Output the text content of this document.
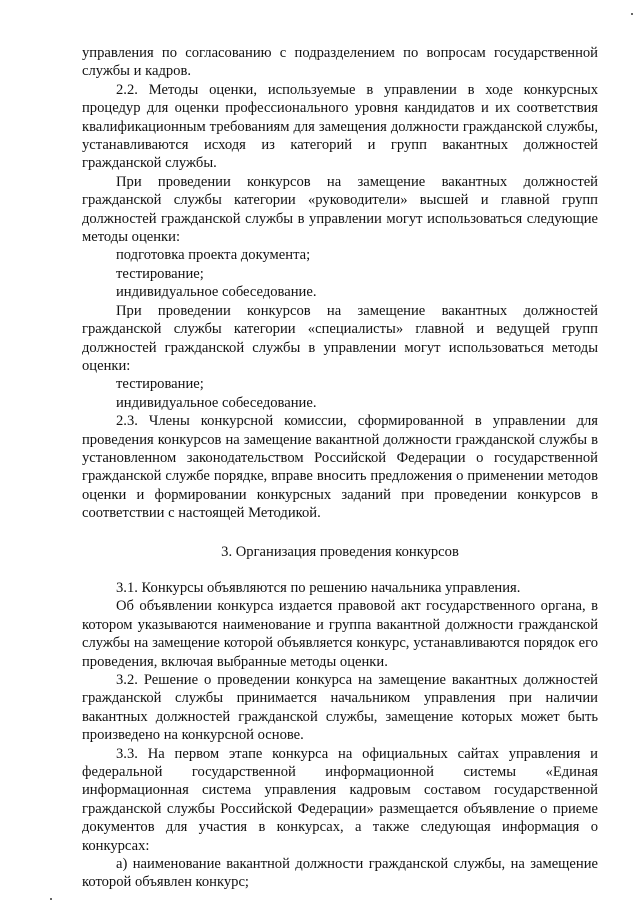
управления по согласованию с подразделением по вопросам государственной службы и кадров.

2.2. Методы оценки, используемые в управлении в ходе конкурсных процедур для оценки профессионального уровня кандидатов и их соответствия квалификационным требованиям для замещения должности гражданской службы, устанавливаются исходя из категорий и групп вакантных должностей гражданской службы.

При проведении конкурсов на замещение вакантных должностей гражданской службы категории «руководители» высшей и главной групп должностей гражданской службы в управлении могут использоваться следующие методы оценки:

подготовка проекта документа;

тестирование;

индивидуальное собеседование.

При проведении конкурсов на замещение вакантных должностей гражданской службы категории «специалисты» главной и ведущей групп должностей гражданской службы в управлении могут использоваться методы оценки:

тестирование;

индивидуальное собеседование.

2.3. Члены конкурсной комиссии, сформированной в управлении для проведения конкурсов на замещение вакантной должности гражданской службы в установленном законодательством Российской Федерации о государственной гражданской службе порядке, вправе вносить предложения о применении методов оценки и формировании конкурсных заданий при проведении конкурсов в соответствии с настоящей Методикой.

3. Организация проведения конкурсов

3.1. Конкурсы объявляются по решению начальника управления.

Об объявлении конкурса издается правовой акт государственного органа, в котором указываются наименование и группа вакантной должности гражданской службы на замещение которой объявляется конкурс, устанавливаются порядок его проведения, включая выбранные методы оценки.

3.2. Решение о проведении конкурса на замещение вакантных должностей гражданской службы принимается начальником управления при наличии вакантных должностей гражданской службы, замещение которых может быть произведено на конкурсной основе.

3.3. На первом этапе конкурса на официальных сайтах управления и федеральной государственной информационной системы «Единая информационная система управления кадровым составом государственной гражданской службы Российской Федерации» размещается объявление о приеме документов для участия в конкурсах, а также следующая информация о конкурсах:

а) наименование вакантной должности гражданской службы, на замещение которой объявлен конкурс;
